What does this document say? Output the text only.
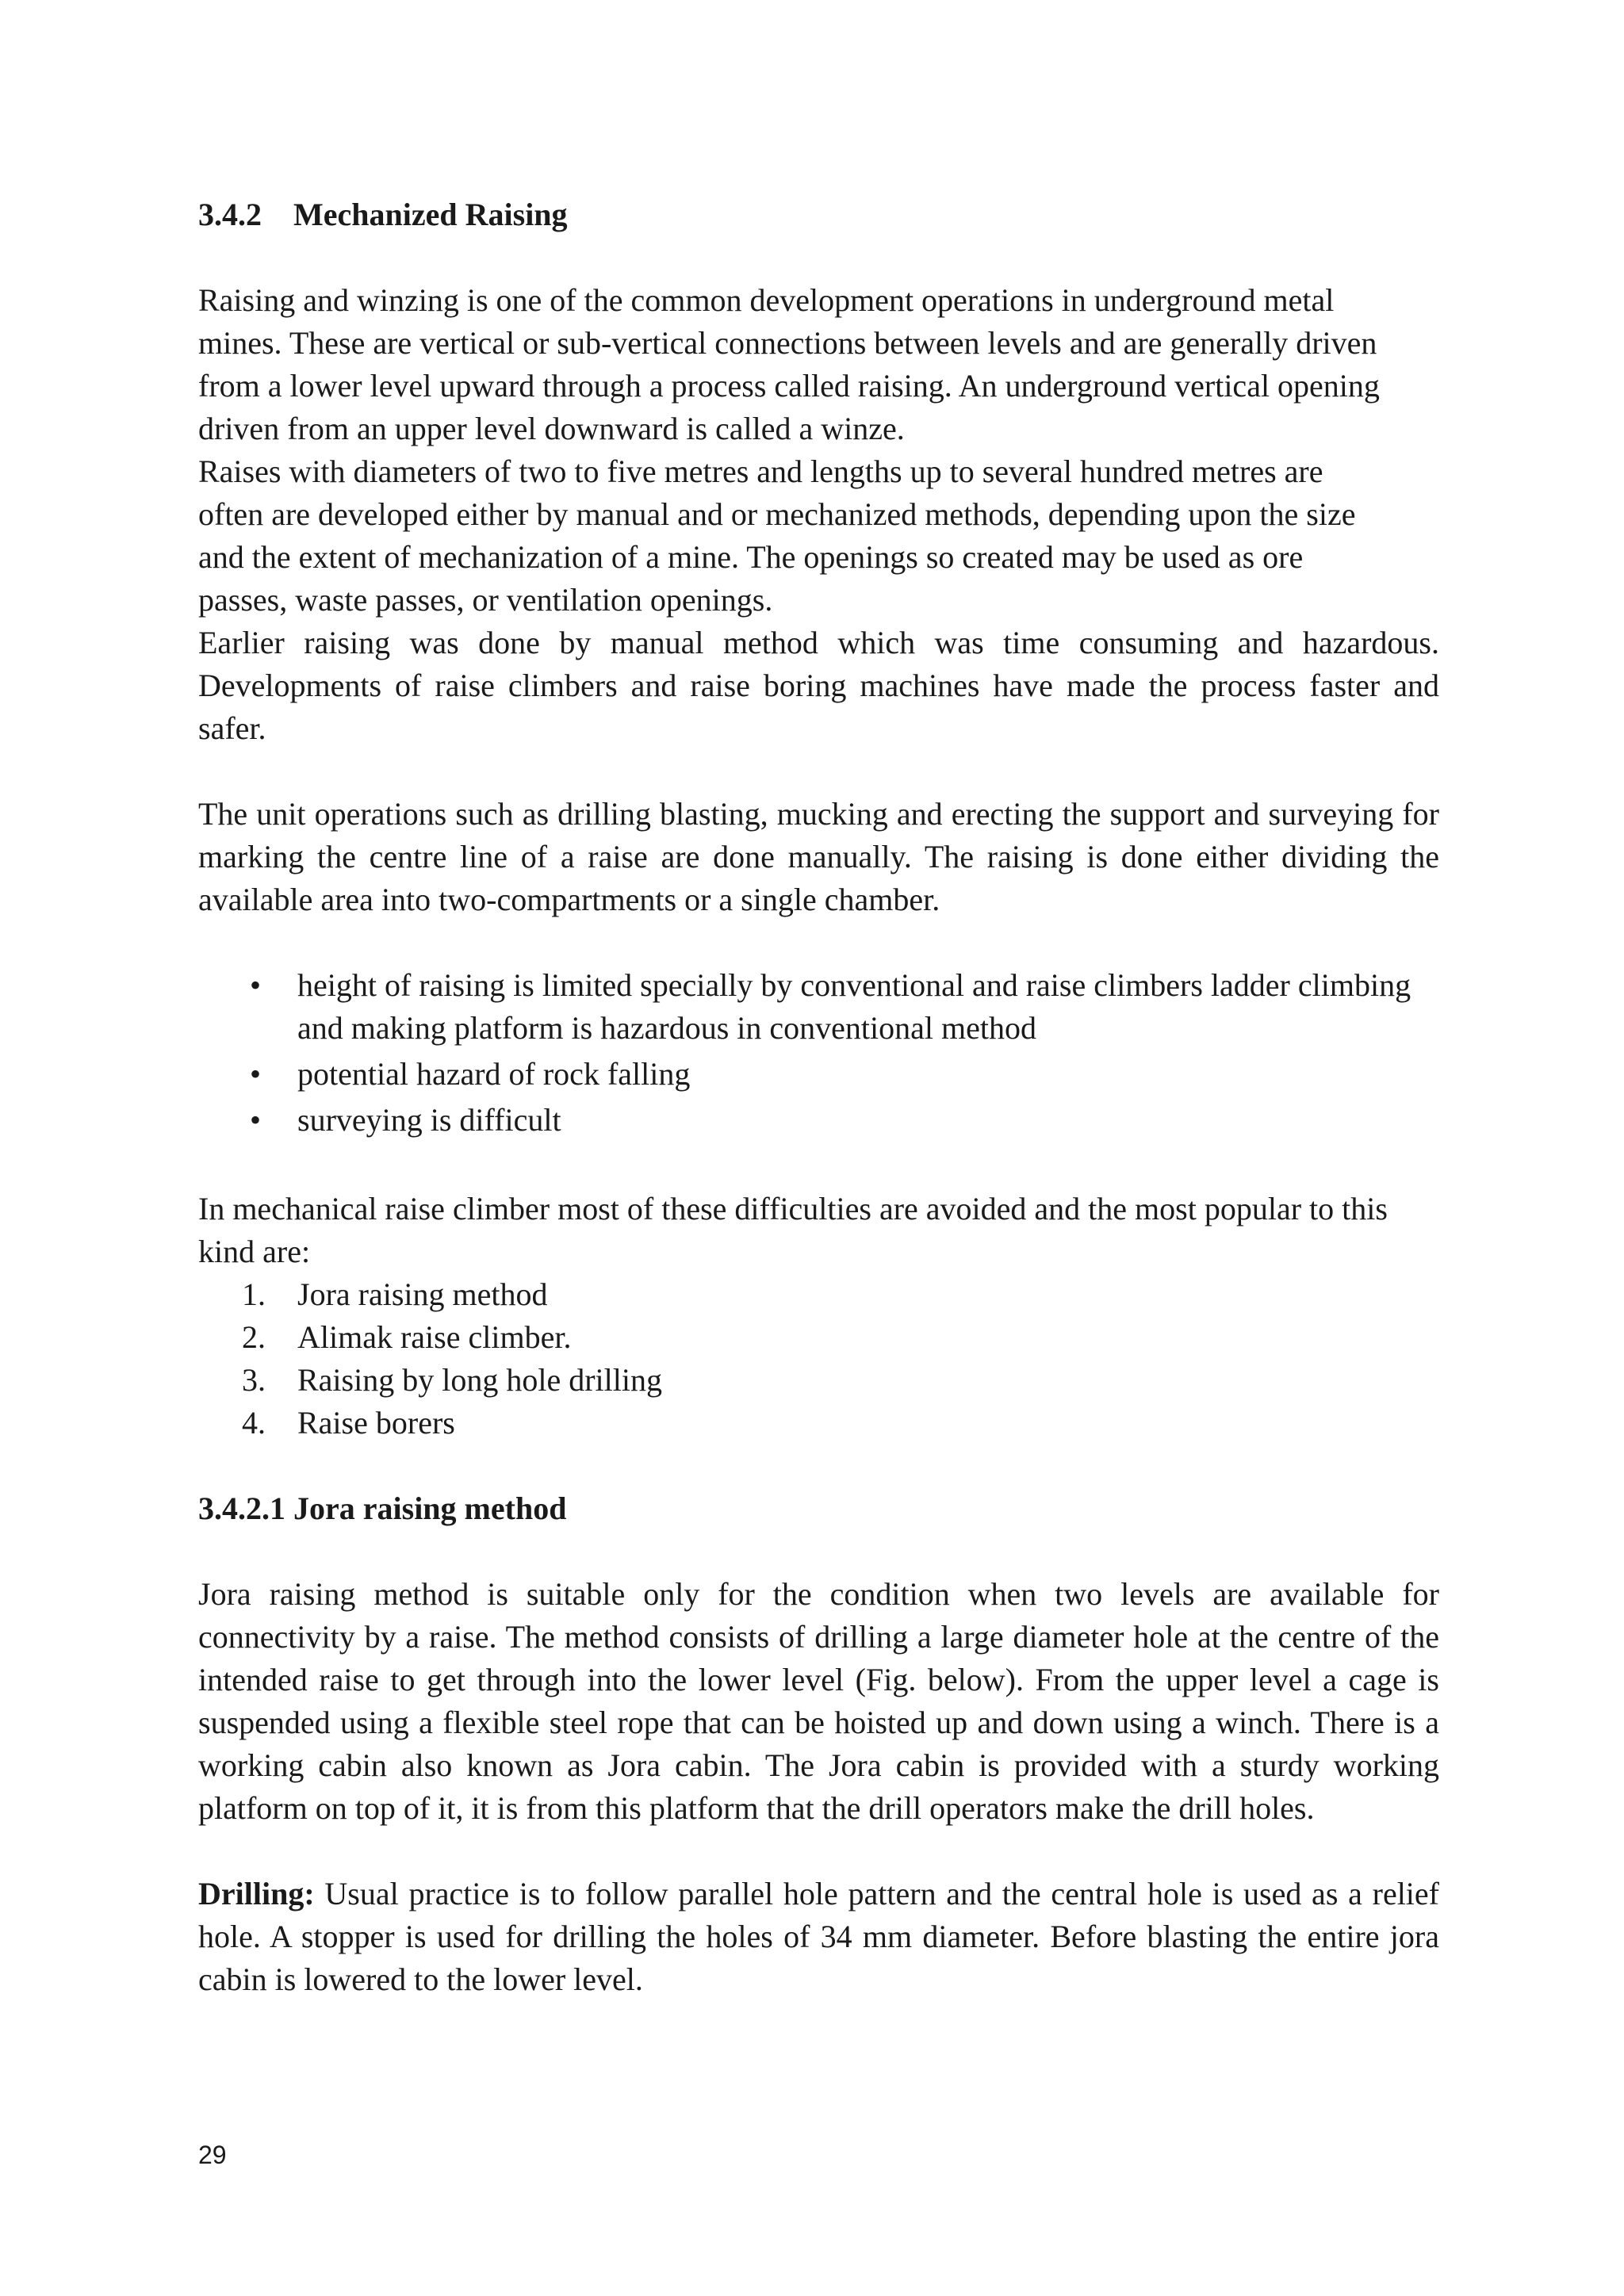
3.4.2    Mechanized Raising

Raising and winzing is one of the common development operations in underground metal

mines. These are vertical or sub-vertical connections between levels and are generally driven

from a lower level upward through a process called raising. An underground vertical opening

driven from an upper level downward is called a winze.

Raises with diameters of two to five metres and lengths up to several hundred metres are

often are developed either by manual and or mechanized methods, depending upon the size

and the extent of mechanization of a mine. The openings so created may be used as ore

passes, waste passes, or ventilation openings.

Earlier raising was done by manual method which was time consuming and hazardous. Developments of raise climbers and raise boring machines have made the process faster and safer.

The unit operations such as drilling blasting, mucking and erecting the support and surveying for marking the centre line of a raise are done manually. The raising is done either dividing the available area into two-compartments or a single chamber.

• height of raising is limited specially by conventional and raise climbers ladder climbing and making platform is hazardous in conventional method
• potential hazard of rock falling
• surveying is difficult

In mechanical raise climber most of these difficulties are avoided and the most popular to this kind are:

1. Jora raising method
2. Alimak raise climber.
3. Raising by long hole drilling
4. Raise borers

3.4.2.1 Jora raising method

Jora raising method is suitable only for the condition when two levels are available for connectivity by a raise. The method consists of drilling a large diameter hole at the centre of the intended raise to get through into the lower level (Fig. below). From the upper level a cage is suspended using a flexible steel rope that can be hoisted up and down using a winch. There is a working cabin also known as Jora cabin. The Jora cabin is provided with a sturdy working platform on top of it, it is from this platform that the drill operators make the drill holes.

Drilling: Usual practice is to follow parallel hole pattern and the central hole is used as a relief hole. A stopper is used for drilling the holes of 34 mm diameter. Before blasting the entire jora cabin is lowered to the lower level.

29
